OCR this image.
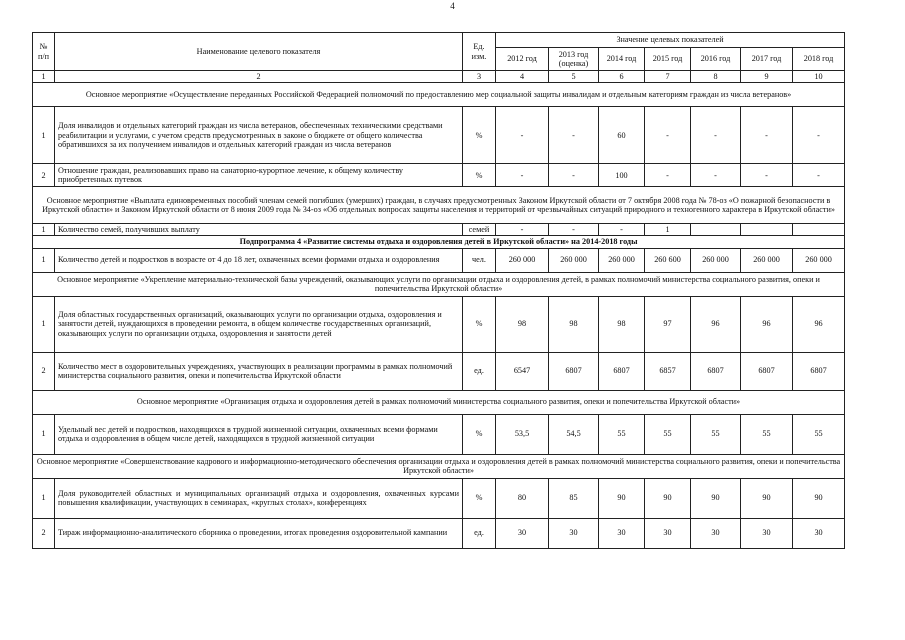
4
№ п/п	Наименование целевого показателя	Ед. изм.	Значение целевых показателей						
			2012 год	2013 год (оценка)	2014 год	2015 год	2016 год	2017 год	2018 год
1	2	3	4	5	6	7	8	9	10
Основное мероприятие «Осуществление переданных Российской Федерацией полномочий по предоставлению мер социальной защиты инвалидам и отдельным категориям граждан из числа ветеранов»									
1	Доля инвалидов и отдельных категорий граждан из числа ветеранов, обеспеченных техническими средствами реабилитации и услугами, с учетом средств предусмотренных в законе о бюджете от общего количества обратившихся за их получением инвалидов и отдельных категорий граждан из числа ветеранов	%	-	-	60	-	-	-	-
2	Отношение граждан, реализовавших право на санаторно-курортное лечение, к общему количеству приобретенных путевок	%	-	-	100	-	-	-	-
Основное мероприятие «Выплата единовременных пособий членам семей погибших (умерших) граждан, в случаях предусмотренных Законом Иркутской области от 7 октября 2008 года № 78-оз «О пожарной безопасности в Иркутской области» и Законом Иркутской области от 8 июня 2009 года № 34-оз «Об отдельных вопросах защиты населения и территорий от чрезвычайных ситуаций природного и техногенного характера в Иркутской области»									
1	Количество семей, получивших выплату	семей	-	-	-	1			
Подпрограмма 4 «Развитие системы отдыха и оздоровления детей в Иркутской области» на 2014-2018 годы									
1	Количество детей и подростков в возрасте от 4 до 18 лет, охваченных всеми формами отдыха и оздоровления	чел.	260 000	260 000	260 000	260 600	260 000	260 000	260 000
Основное мероприятие «Укрепление материально-технической базы учреждений, оказывающих услуги по организации отдыха и оздоровления детей, в рамках полномочий министерства социального развития, опеки и попечительства Иркутской области»									
1	Доля областных государственных организаций, оказывающих услуги по организации отдыха, оздоровления и занятости детей, нуждающихся в проведении ремонта, в общем количестве государственных организаций, оказывающих услуги по организации отдыха, оздоровления и занятости детей	%	98	98	98	97	96	96	96
2	Количество мест в оздоровительных учреждениях, участвующих в реализации программы в рамках полномочий министерства социального развития, опеки и попечительства Иркутской области	ед.	6547	6807	6807	6857	6807	6807	6807
Основное мероприятие «Организация отдыха и оздоровления детей в рамках полномочий министерства социального развития, опеки и попечительства Иркутской области»									
1	Удельный вес детей и подростков, находящихся в трудной жизненной ситуации, охваченных всеми формами отдыха и оздоровления в общем числе детей, находящихся в трудной жизненной ситуации	%	53,5	54,5	55	55	55	55	55
Основное мероприятие «Совершенствование кадрового и информационно-методического обеспечения организации отдыха и оздоровления детей в рамках полномочий министерства социального развития, опеки и попечительства Иркутской области»									
1	Доля руководителей областных и муниципальных организаций отдыха и оздоровления, охваченных курсами повышения квалификации, участвующих в семинарах, «круглых столах», конференциях	%	80	85	90	90	90	90	90
2	Тираж информационно-аналитического сборника о проведении, итогах проведения оздоровительной кампании	ед.	30	30	30	30	30	30	30
